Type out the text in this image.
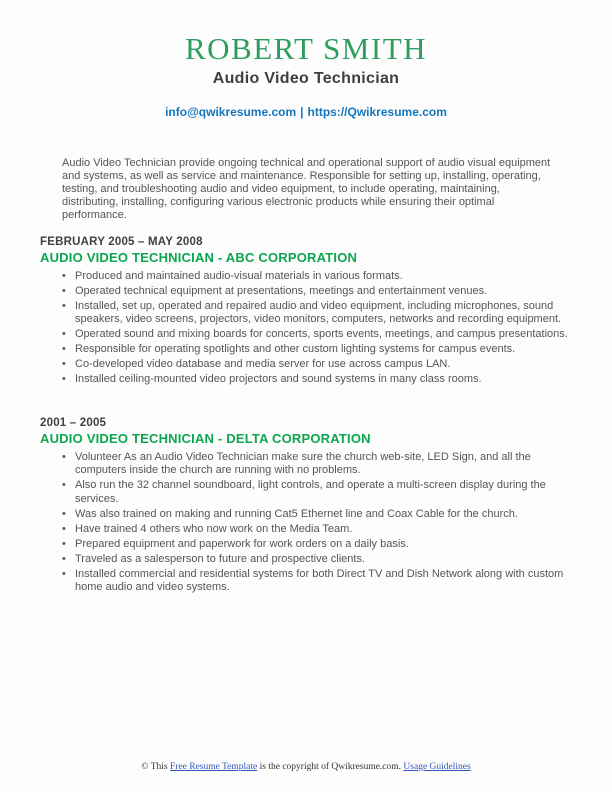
ROBERT SMITH
Audio Video Technician
info@qwikresume.com | https://Qwikresume.com

Audio Video Technician provide ongoing technical and operational support of audio visual equipment and systems, as well as service and maintenance. Responsible for setting up, installing, operating, testing, and troubleshooting audio and video equipment, to include operating, maintaining, distributing, installing, configuring various electronic products while ensuring their optimal performance.

FEBRUARY 2005 – MAY 2008
AUDIO VIDEO TECHNICIAN - ABC CORPORATION
• Produced and maintained audio-visual materials in various formats.
• Operated technical equipment at presentations, meetings and entertainment venues.
• Installed, set up, operated and repaired audio and video equipment, including microphones, sound speakers, video screens, projectors, video monitors, computers, networks and recording equipment.
• Operated sound and mixing boards for concerts, sports events, meetings, and campus presentations.
• Responsible for operating spotlights and other custom lighting systems for campus events.
• Co-developed video database and media server for use across campus LAN.
• Installed ceiling-mounted video projectors and sound systems in many class rooms.
2001 – 2005
AUDIO VIDEO TECHNICIAN - DELTA CORPORATION
• Volunteer As an Audio Video Technician make sure the church web-site, LED Sign, and all the computers inside the church are running with no problems.
• Also run the 32 channel soundboard, light controls, and operate a multi-screen display during the services.
• Was also trained on making and running Cat5 Ethernet line and Coax Cable for the church.
• Have trained 4 others who now work on the Media Team.
• Prepared equipment and paperwork for work orders on a daily basis.
• Traveled as a salesperson to future and prospective clients.
• Installed commercial and residential systems for both Direct TV and Dish Network along with custom home audio and video systems.
© This Free Resume Template is the copyright of Qwikresume.com. Usage Guidelines
